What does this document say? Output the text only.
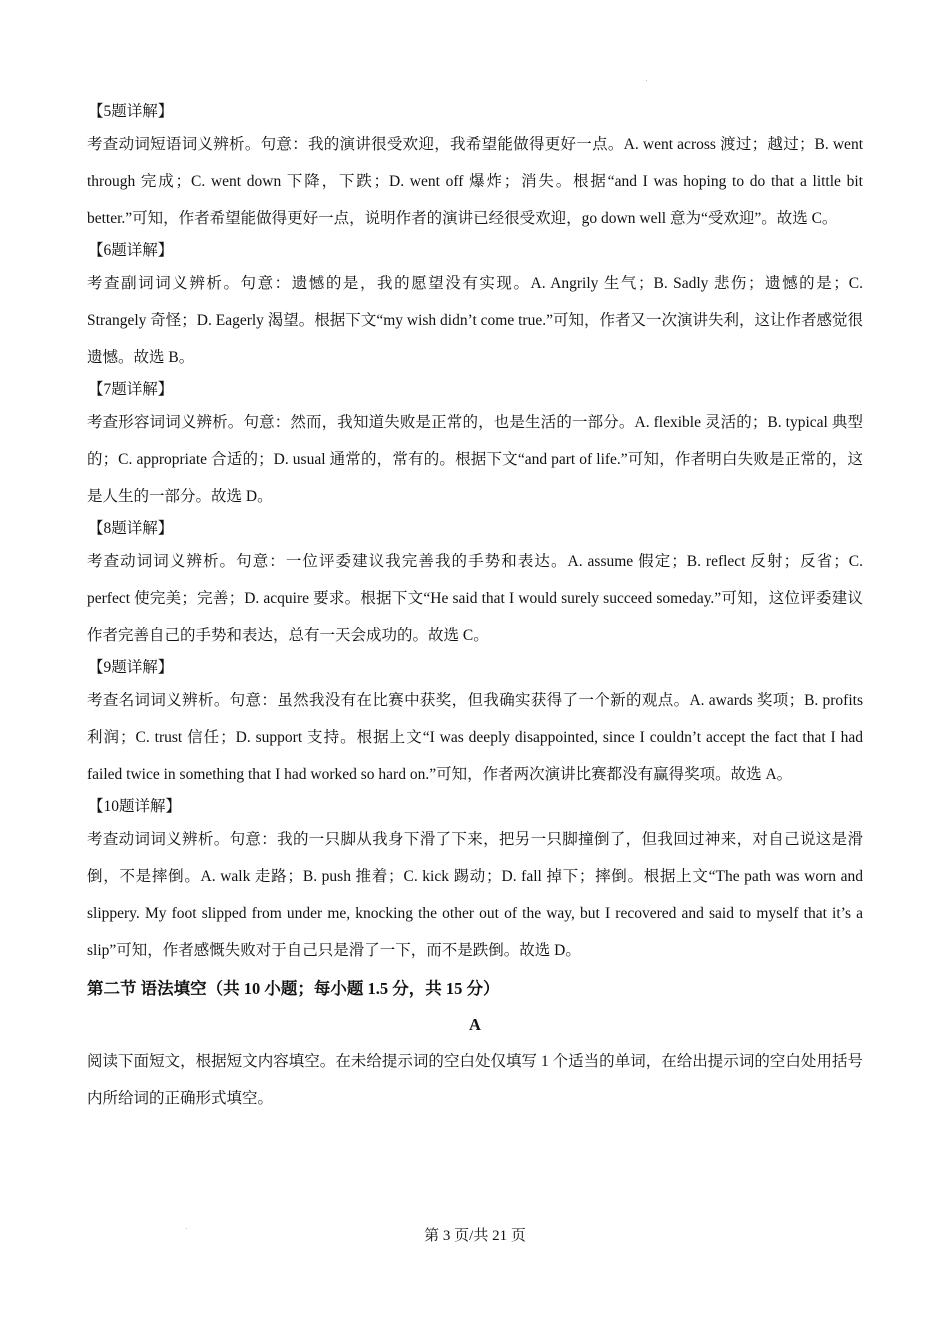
【5题详解】

考查动词短语词义辨析。句意：我的演讲很受欢迎，我希望能做得更好一点。A. went across 渡过；越过；B. went through 完成；C. went down 下降，下跌；D. went off 爆炸；消失。根据“and I was hoping to do that a little bit better.”可知，作者希望能做得更好一点，说明作者的演讲已经很受欢迎，go down well 意为“受欢迎”。故选 C。

【6题详解】

考查副词词义辨析。句意：遗憾的是，我的愿望没有实现。A. Angrily 生气；B. Sadly 悲伤；遗憾的是；C. Strangely 奇怪；D. Eagerly 渴望。根据下文“my wish didn’t come true.”可知，作者又一次演讲失利，这让作者感觉很遗憾。故选 B。

【7题详解】

考查形容词词义辨析。句意：然而，我知道失败是正常的，也是生活的一部分。A. flexible 灵活的；B. typical 典型的；C. appropriate 合适的；D. usual 通常的，常有的。根据下文“and part of life.”可知，作者明白失败是正常的，这是人生的一部分。故选 D。

【8题详解】

考查动词词义辨析。句意：一位评委建议我完善我的手势和表达。A. assume 假定；B. reflect 反射；反省；C. perfect 使完美；完善；D. acquire 要求。根据下文“He said that I would surely succeed someday.”可知，这位评委建议作者完善自己的手势和表达，总有一天会成功的。故选 C。

【9题详解】

考查名词词义辨析。句意：虽然我没有在比赛中获奖，但我确实获得了一个新的观点。A. awards 奖项；B. profits 利润；C. trust 信任；D. support 支持。根据上文“I was deeply disappointed, since I couldn’t accept the fact that I had failed twice in something that I had worked so hard on.”可知，作者两次演讲比赛都没有赢得奖项。故选 A。

【10题详解】

考查动词词义辨析。句意：我的一只脚从我身下滑了下来，把另一只脚撞倒了，但我回过神来，对自己说这是滑倒，不是摔倒。A. walk 走路；B. push 推着；C. kick 踢动；D. fall 掉下；摔倒。根据上文“The path was worn and slippery. My foot slipped from under me, knocking the other out of the way, but I recovered and said to myself that it’s a slip”可知，作者感慨失败对于自己只是滑了一下，而不是跌倒。故选 D。

第二节 语法填空（共 10 小题；每小题 1.5 分，共 15 分）
A

阅读下面短文，根据短文内容填空。在未给提示词的空白处仅填写 1 个适当的单词，在给出提示词的空白处用括号内所给词的正确形式填空。

第 3 页/共 21 页
